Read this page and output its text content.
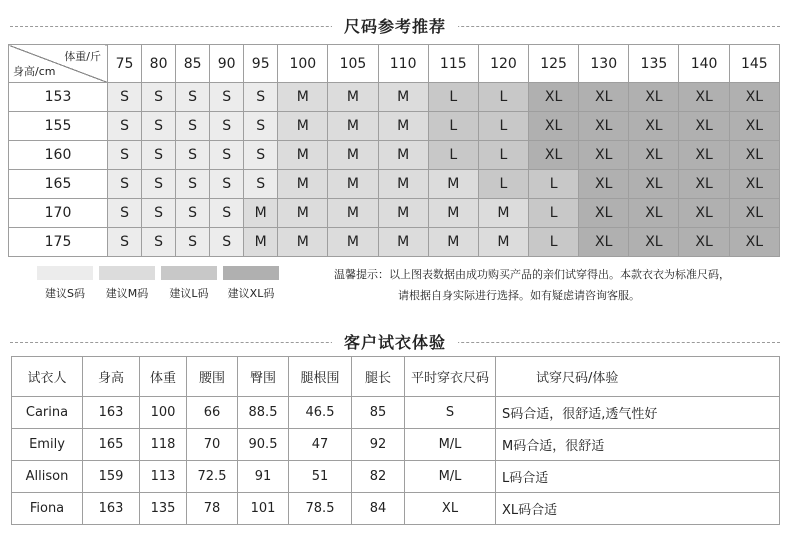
尺码参考推荐
体重/斤
身高/cm	75	80	85	90	95	100	105	110	115	120	125	130	135	140	145
153	S	S	S	S	S	M	M	M	L	L	XL	XL	XL	XL	XL
155	S	S	S	S	S	M	M	M	L	L	XL	XL	XL	XL	XL
160	S	S	S	S	S	M	M	M	L	L	XL	XL	XL	XL	XL
165	S	S	S	S	S	M	M	M	M	L	L	XL	XL	XL	XL
170	S	S	S	S	M	M	M	M	M	M	L	XL	XL	XL	XL
175	S	S	S	S	M	M	M	M	M	M	L	XL	XL	XL	XL
建议S码	建议M码	建议L码	建议XL码
温馨提示：以上图表数据由成功购买产品的亲们试穿得出。本款衣衣为标准尺码，
请根据自身实际进行选择。如有疑虑请咨询客服。
客户试衣体验
试衣人	身高	体重	腰围	臀围	腿根围	腿长	平时穿衣尺码	试穿尺码/体验
Carina	163	100	66	88.5	46.5	85	S	S码合适，很舒适,透气性好
Emily	165	118	70	90.5	47	92	M/L	M码合适，很舒适
Allison	159	113	72.5	91	51	82	M/L	L码合适
Fiona	163	135	78	101	78.5	84	XL	XL码合适
